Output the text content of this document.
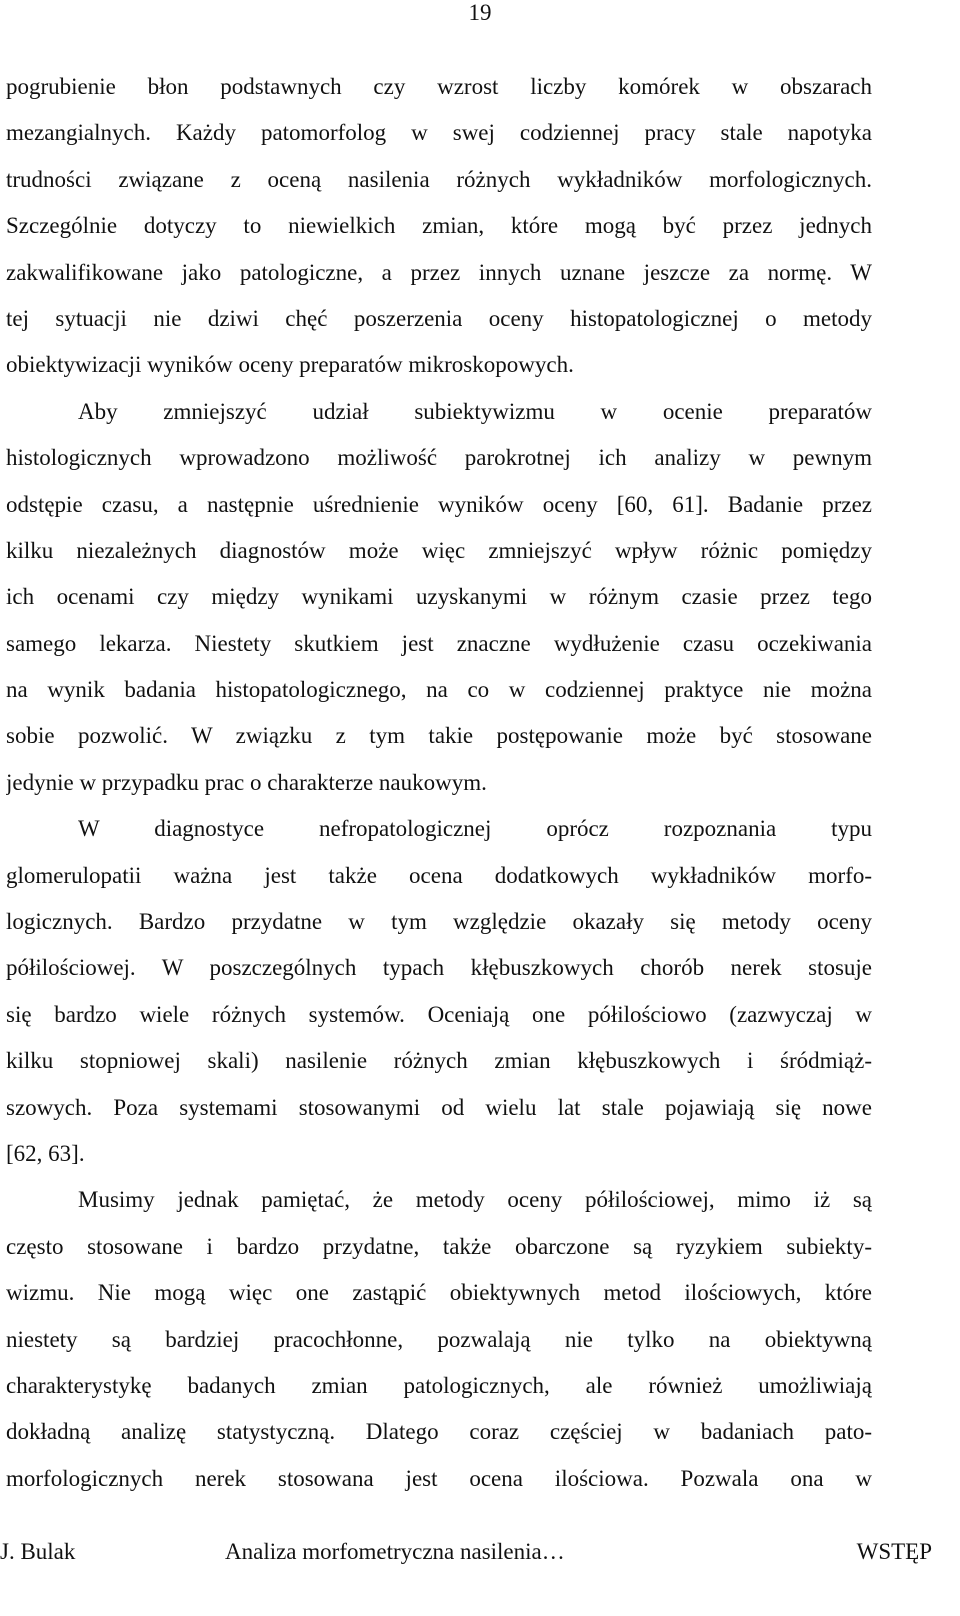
19
pogrubienie błon podstawnych czy wzrost liczby komórek w obszarach
mezangialnych. Każdy patomorfolog w swej codziennej pracy stale napotyka
trudności związane z oceną nasilenia różnych wykładników morfologicznych.
Szczególnie dotyczy to niewielkich zmian, które mogą być przez jednych
zakwalifikowane jako patologiczne, a przez innych uznane jeszcze za normę. W
tej sytuacji nie dziwi chęć poszerzenia oceny histopatologicznej o metody
obiektywizacji wyników oceny preparatów mikroskopowych.
Aby zmniejszyć udział subiektywizmu w ocenie preparatów
histologicznych wprowadzono możliwość parokrotnej ich analizy w pewnym
odstępie czasu, a następnie uśrednienie wyników oceny [60, 61]. Badanie przez
kilku niezależnych diagnostów może więc zmniejszyć wpływ różnic pomiędzy
ich ocenami czy między wynikami uzyskanymi w różnym czasie przez tego
samego lekarza. Niestety skutkiem jest znaczne wydłużenie czasu oczekiwania
na wynik badania histopatologicznego, na co w codziennej praktyce nie można
sobie pozwolić. W związku z tym takie postępowanie może być stosowane
jedynie w przypadku prac o charakterze naukowym.
W diagnostyce nefropatologicznej oprócz rozpoznania typu
glomerulopatii ważna jest także ocena dodatkowych wykładników morfo-
logicznych. Bardzo przydatne w tym względzie okazały się metody oceny
półilościowej. W poszczególnych typach kłębuszkowych chorób nerek stosuje
się bardzo wiele różnych systemów. Oceniają one półilościowo (zazwyczaj w
kilku stopniowej skali) nasilenie różnych zmian kłębuszkowych i śródmiąż-
szowych. Poza systemami stosowanymi od wielu lat stale pojawiają się nowe
[62, 63].
Musimy jednak pamiętać, że metody oceny półilościowej, mimo iż są
często stosowane i bardzo przydatne, także obarczone są ryzykiem subiekty-
wizmu. Nie mogą więc one zastąpić obiektywnych metod ilościowych, które
niestety są bardziej pracochłonne, pozwalają nie tylko na obiektywną
charakterystykę badanych zmian patologicznych, ale również umożliwiają
dokładną analizę statystyczną. Dlatego coraz częściej w badaniach pato-
morfologicznych nerek stosowana jest ocena ilościowa. Pozwala ona w
J. Bulak	Analiza morfometryczna nasilenia…	WSTĘP
